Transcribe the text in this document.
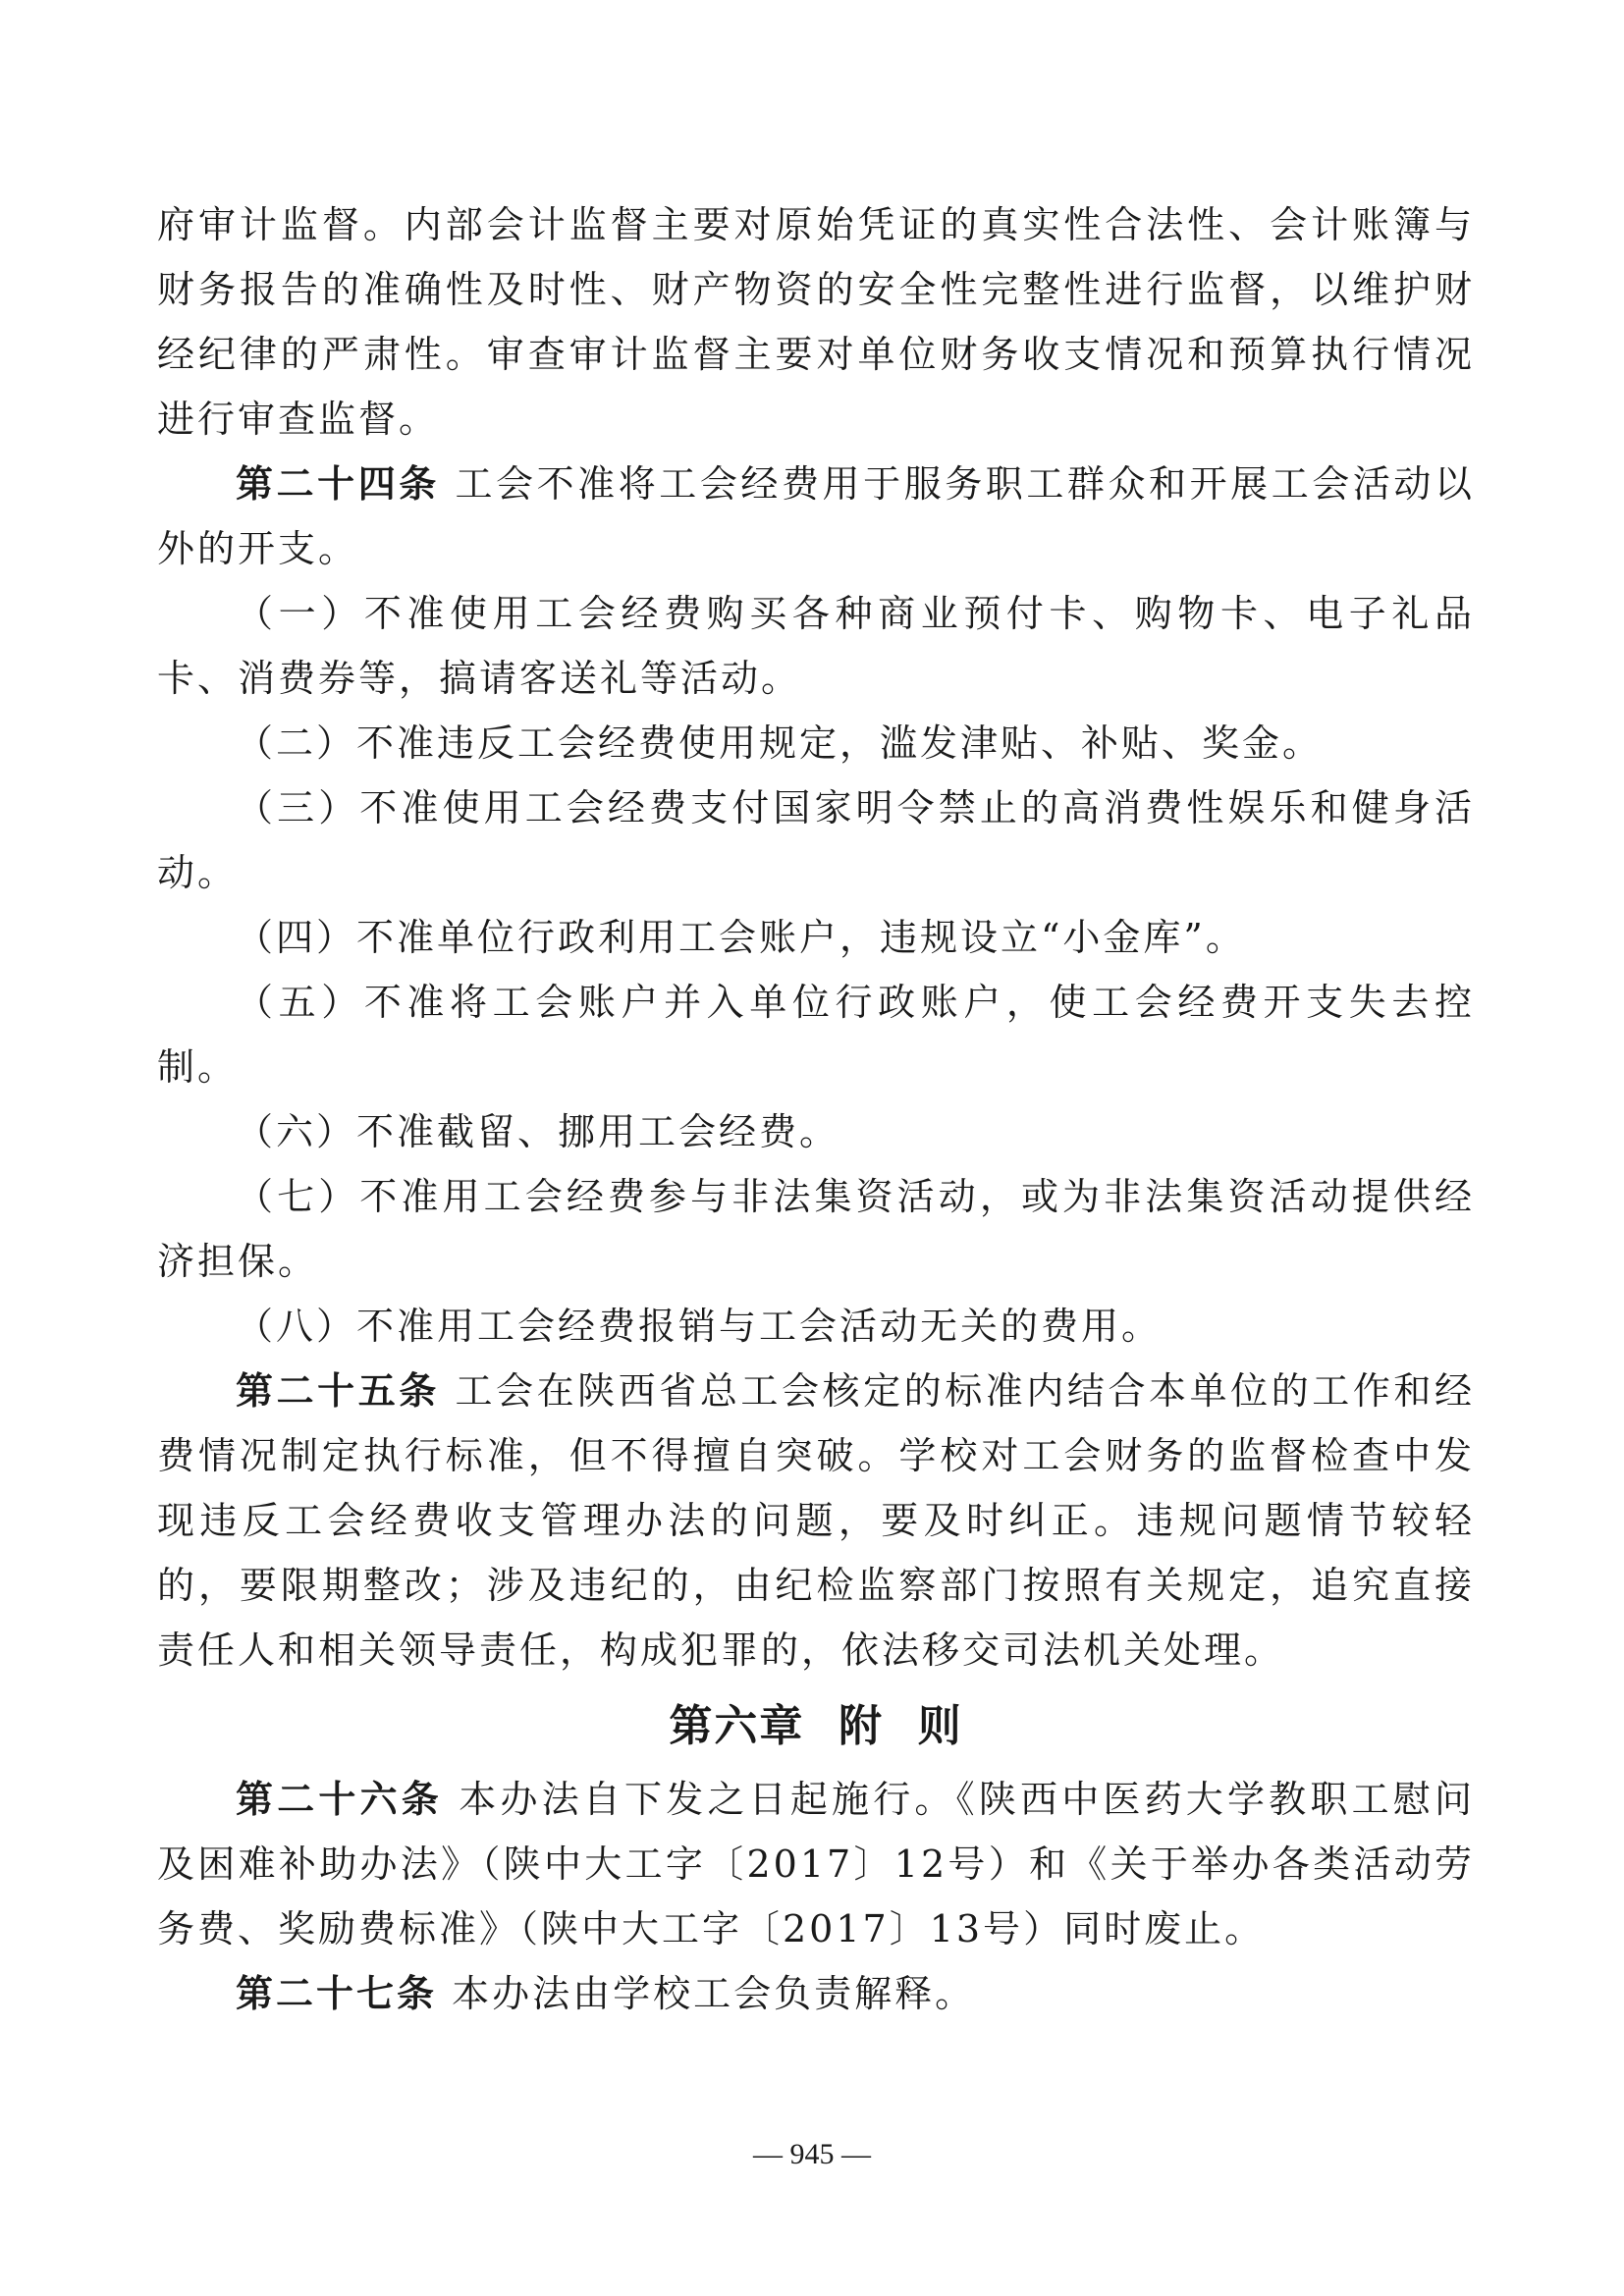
府审计监督。内部会计监督主要对原始凭证的真实性合法性、会计账簿与财务报告的准确性及时性、财产物资的安全性完整性进行监督，以维护财经纪律的严肃性。审查审计监督主要对单位财务收支情况和预算执行情况进行审查监督。

第二十四条 工会不准将工会经费用于服务职工群众和开展工会活动以外的开支。

（一）不准使用工会经费购买各种商业预付卡、购物卡、电子礼品卡、消费券等，搞请客送礼等活动。

（二）不准违反工会经费使用规定，滥发津贴、补贴、奖金。

（三）不准使用工会经费支付国家明令禁止的高消费性娱乐和健身活动。

（四）不准单位行政利用工会账户，违规设立“小金库”。

（五）不准将工会账户并入单位行政账户，使工会经费开支失去控制。

（六）不准截留、挪用工会经费。

（七）不准用工会经费参与非法集资活动，或为非法集资活动提供经济担保。

（八）不准用工会经费报销与工会活动无关的费用。

第二十五条 工会在陕西省总工会核定的标准内结合本单位的工作和经费情况制定执行标准，但不得擅自突破。学校对工会财务的监督检查中发现违反工会经费收支管理办法的问题，要及时纠正。违规问题情节较轻的，要限期整改；涉及违纪的，由纪检监察部门按照有关规定，追究直接责任人和相关领导责任，构成犯罪的，依法移交司法机关处理。

第六章  附  则

第二十六条 本办法自下发之日起施行。《陕西中医药大学教职工慰问及困难补助办法》（陕中大工字〔2017〕12号）和《关于举办各类活动劳务费、奖励费标准》（陕中大工字〔2017〕13号）同时废止。

第二十七条 本办法由学校工会负责解释。

— 945 —
